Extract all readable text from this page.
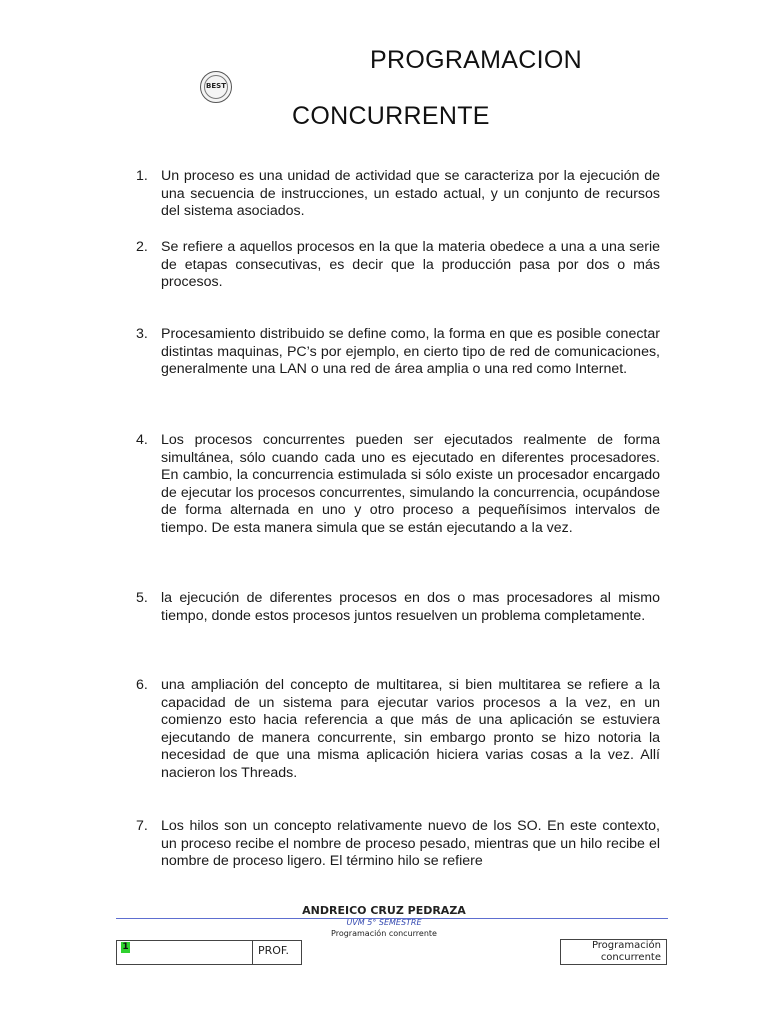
BEST
PROGRAMACION
CONCURRENTE
1. Un proceso es una unidad de actividad que se caracteriza por la ejecución de una secuencia de instrucciones, un estado actual, y un conjunto de recursos del sistema asociados.
2. Se refiere a aquellos procesos en la que la materia obedece a una a una serie de etapas consecutivas, es decir que la producción pasa por dos o más procesos.
3. Procesamiento distribuido se define como, la forma en que es posible conectar distintas maquinas, PC’s por ejemplo, en cierto tipo de red de comunicaciones, generalmente una LAN o una red de área amplia o una red como Internet.
4. Los procesos concurrentes pueden ser ejecutados realmente de forma simultánea, sólo cuando cada uno es ejecutado en diferentes procesadores. En cambio, la concurrencia estimulada si sólo existe un procesador encargado de ejecutar los procesos concurrentes, simulando la concurrencia, ocupándose de forma alternada en uno y otro proceso a pequeñísimos intervalos de tiempo. De esta manera simula que se están ejecutando a la vez.
5. la ejecución de diferentes procesos en dos o mas procesadores al mismo tiempo, donde estos procesos juntos resuelven un problema completamente.
6. una ampliación del concepto de multitarea, si bien multitarea se refiere a la capacidad de un sistema para ejecutar varios procesos a la vez, en un comienzo esto hacia referencia a que más de una aplicación se estuviera ejecutando de manera concurrente, sin embargo pronto se hizo notoria la necesidad de que una misma aplicación hiciera varias cosas a la vez. Allí nacieron los Threads.
7. Los hilos son un concepto relativamente nuevo de los SO. En este contexto, un proceso recibe el nombre de proceso pesado, mientras que un hilo recibe el nombre de proceso ligero. El término hilo se refiere
ANDREICO CRUZ PEDRAZA
UVM 5° SEMESTRE
Programación concurrente
PROF.
1	Programación concurrente
